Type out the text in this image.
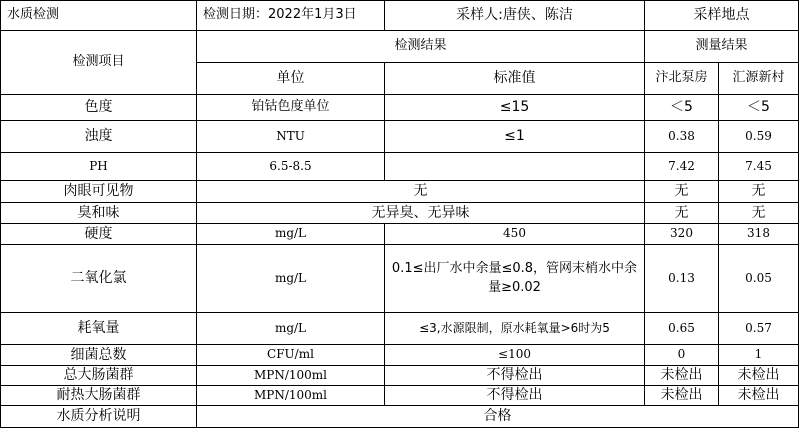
水质检测	检测日期：2022年1月3日	采样人:唐侠、陈洁	采样地点	
检测项目	检测结果		测量结果	
	单位	标准值	汴北泵房	汇源新村
色度	铂钴色度单位	≤15	＜5	＜5
浊度	NTU	≤1	0.38	0.59
PH	6.5-8.5		7.42	7.45
肉眼可见物	无		无	无
臭和味	无异臭、无异味		无	无
硬度	mg/L	450	320	318
二氧化氯	mg/L	0.1≤出厂水中余量≤0.8，管网末梢水中余量≥0.02	0.13	0.05
耗氧量	mg/L	≤3,水源限制，原水耗氧量>6时为5	0.65	0.57
细菌总数	CFU/ml	≤100	0	1
总大肠菌群	MPN/100ml	不得检出	未检出	未检出
耐热大肠菌群	MPN/100ml	不得检出	未检出	未检出
水质分析说明	合格			
